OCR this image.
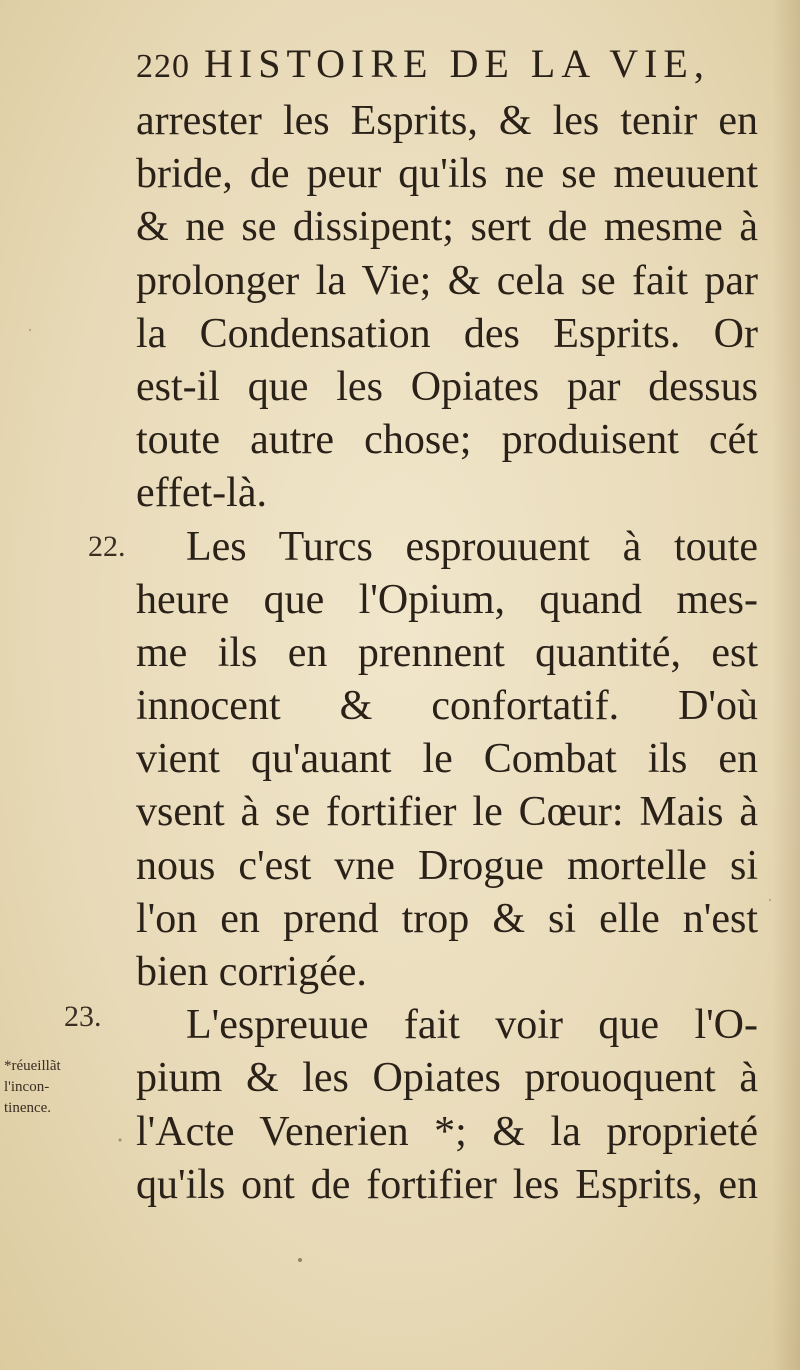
220 HISTOIRE DE LA VIE,
arrester les Esprits, & les tenir en
bride, de peur qu'ils ne se meuuent
& ne se dissipent; sert de mesme à
prolonger la Vie; & cela se fait par
la Condensation des Esprits. Or
est-il que les Opiates par dessus
toute autre chose; produisent cét
effet-là.
Les Turcs esprouuent à toute
heure que l'Opium, quand mes-
me ils en prennent quantité, est
innocent & confortatif. D'où
vient qu'auant le Combat ils en
vsent à se fortifier le Cœur: Mais à
nous c'est vne Drogue mortelle si
l'on en prend trop & si elle n'est
bien corrigée.
L'espreuue fait voir que l'O-
pium & les Opiates prouoquent à
l'Acte Venerien *; & la proprieté
qu'ils ont de fortifier les Esprits, en
22.
23.
*réueillãt
l'incon-
tinence.
